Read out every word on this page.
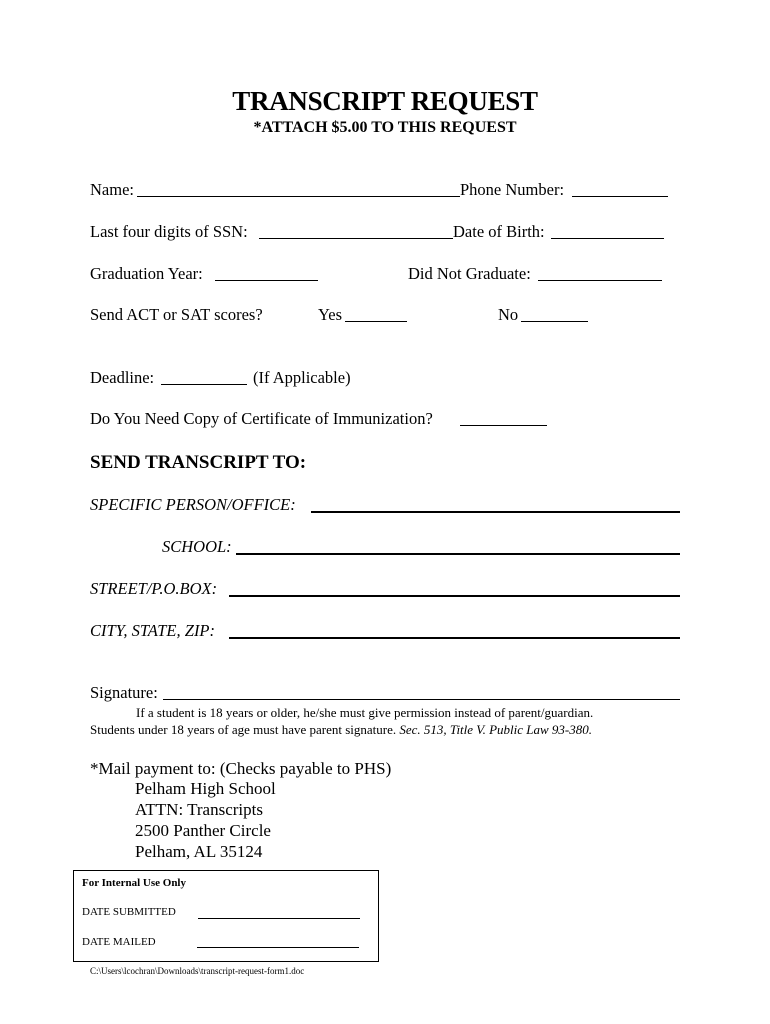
TRANSCRIPT REQUEST
*ATTACH $5.00 TO THIS REQUEST
Name:	Phone Number:
Last four digits of SSN:	Date of Birth:
Graduation Year:	Did Not Graduate:
Send ACT or SAT scores?	Yes	No
Deadline:	(If Applicable)
Do You Need Copy of Certificate of Immunization?
SEND TRANSCRIPT TO:
SPECIFIC PERSON/OFFICE:
SCHOOL:
STREET/P.O.BOX:
CITY, STATE, ZIP:
Signature:
If a student is 18 years or older, he/she must give permission instead of parent/guardian.
Students under 18 years of age must have parent signature. Sec. 513, Title V. Public Law 93-380.
*Mail payment to: (Checks payable to PHS)
Pelham High School
ATTN: Transcripts
2500 Panther Circle
Pelham, AL 35124
For Internal Use Only
DATE SUBMITTED
DATE MAILED
C:\Users\lcochran\Downloads\transcript-request-form1.doc
